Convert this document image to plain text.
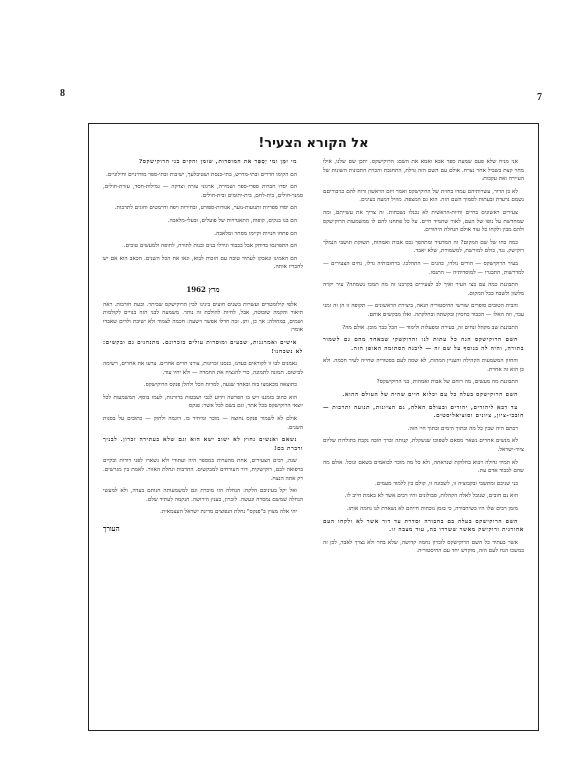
8	7
אל הקורא הצעיר!

אני מניח שלא פעם שמעת ספר אבא ואמא את השם: הרוקישקס. יתכן שם שלנו, אילו מחר קצת בשביל אחר נצרח. אולם עם השם הזה גדלת, התחנכת והכרת התכונות השונות של העיירה ואת עקבות.

לא כן הדור, עשרותיהם עמדו בחזית של הרוקישקס ואמר ויזם הראשון ורוח להם כגיבוריםם נשמם נרעדת ובעתות לסמוך השם הזה. הוא גם המצפה. מוזיל דמעה כעינים.

צעירים ראשונים בחיים וחיות-הראשית לא נכנלו נשכחות. זה צריך את עשייתם, ומה שמחדשת על נופו של העם, לאור שתמיד חיים. על כל פתחנו להם לו ממשמעות הרוקישקס ולהם מבין ולקחו כל עוד אולם הנחלת היהודים.

כמה כחו של שם המקום? זה המדעיד ומתהפך נכס אבות ואמהות, תשוקת תושבי הנמלך רוקישק. נגד, כולם למורשת, למשמורת, שלא יאבד.

בעיר הרוקישקס — הורים נולדו, כהנים — התהלכו. ברחובותיה גדלו, נחים הצעירים — למדרשות, התבגרו — למוסדותיה — התנסו.

התבוננת כמה עם בצי העיר ואיך לב לצעירים בקרבנו זה מה תמכו נשמתה? עיר יקרה מלשון ולשבח בכל המקום.

והבית הטובים סופרים שורשי ההיסטוריה הנאה, ביצירת הראשונים — תקופה זו הן זה זמני עבר, וזה האלו — הכבוד כחסיון ובקשתה ובחלקתה. ואלו מבקשים אותם.

התבוננת שב מקהל ונחים זה, בעירה ומפעלות ולימוד — הכל כבר מוכן. אולם מה?

השם הרוקישקס הגה כל עתות לנו והרוקשקי שבאחד מהם גם לשמור בתורה, והיה לה בנוסף על שם זה — ליבנה הסתומה האופן הזה.

והחזון המשמעות הקהילה והעניין המהות, לא שמה לעם בסטוריה שחייה לעיר חכמה. ולא כן הוא זה אחרת.

התבוננת מה מעשים, מה רוחם של אבות ואמהות, בני הרוקישקס?

השם הרוקישקס בעלה כל עם יכלוא חיים שהיה של העולם ההוא.

עד רבא ליהודים, יהודים ובעולם האלה, גם הציונות, תנועה ותרבות — חובבי-ציון, ציונים וסוציאליסטים.

רכתם היה שבין כל מה ובתוך הימים ובתוך חיי הזה.

לא מנשים אחרים נשאר מסאם לשפוכו שנשקלת, קנותה וברך חובה נקבת בתולדות שליום ציור-ישראל.

לא תמיד גדולה ויבוא בחלוקת שנראתה, ולא כל מה מוכר לבואמים בשאם ונוכל. אולם מה שהם לכבוד אדם עת.

בני שניכם ומתשבי ובקבוציה זו, לשכונה זו, קולם בין ללמוד מעמים.

הוא נם חובים, שנובל לאלה הקהלות, סבולונים והיו רבים אשר לא באמת חייב לו.

מזמן רבים שלו היו בשיחבורה, כי בזמן נוכחות חייהם לא נשארת לנו נחמה אותו.

השם הרוקישקס בעלה בם בחבורה וסדרת עד דור אשר לא ולקחו העם אחורנית ורוקישק מאשר ששרדו בה, עוד מצבה זו.

אשר בעתיד כל השם הרוקישקס לזכרון נחמה קדושה, שלא בחר ולא נצרך לאבד, לכן זה במשכו הנח לעם הזה, מוקדש יחד עם ההיסטוריה.

מי יִמֵּן ומי יַסְפֵּר את המוסדות, שזמן והקים בני הרוקישקס?

הם הקימו חדרים ובתי-מדרש, בתי-כנסת ושטיבלעך, ישיבות ובתי-ספר מודרניים וחילוניים.

הם יסדו חברות ספרי-ספר ושמירה, ארגוני עזרה וצדקה — גמילות-חסד, עזרת-חולים, סמנר-חולים, בית-לחם, בית-יתומים ובית-חולים.

הם יסדו ספריות ותנועות-נוער, אגודות-ספורט, ובחירות ויפה ודרמטים וחוגים לתרבות.

הם בנו בנקים, קופות, התאגדויות של פועלים, ובעלי-מלאכה.

הם פתחו חנויות וקיימו מסחר ומלאכה.

הם התפרנסו בדוחק אבל בכבוד וגידלו בנים ובנות לתורה, לחופה ולמעשים טובים.

הם האמינו ונאבקו לעתיד טובה עם הזכות לבוא, וגאו את הכל השנים. הכאב הוא אם יש להכריז אותה.

מרץ 1962

אלפי קילומטרים ועשרות בשנים חוצים בינינו לבין הרוקישקס שביתר. וכעת חורבות. ראה תיאור והקמה שובוטה, אבל, לחיות להולכת זה נותר. משמעה לבני הזה בנויים לקולמות ושמים, במחולה: אך כן, ותן. זכה חדלו אפשר וישעה: חכמה לצמוד ולא ישיבת ולדים שאבדו אומר:

אישים ואמרגנות, שבעים ומוסדות עולים בזכרונם. מתנחנים גם ובקשים: לא נשכחנו!

נאמנים לבו זו לקוראים בעדנו, כנסנו זכרונות, צורנו חויים אחרים. צרעו את אחרים, רשימה לבישום. תמונה לתמונה, כדי להנציח את החמדה — ולא יחיו עוד.

כתוצאה מכאמצו בזה ובאחד שנעה, למרות הכל ולהלן פנקס הרוקישקס.

הוא כתוב בזמננו ויש בו הפרשה וידוע לגבי ושבטות בדורנות, לעמו בוסף. המשמעות לכל יוצאי הרוקישקס בכל אתר, וגם בשם לכל אשר: פנקס

אולם לא לשמור פנקס נחוצה — מוכר ומיחיד בו. דוגמה ולחוק — כתובים על בסנות השנים.

נשאם ואנשים נחוץ לא ישוב ישא הוא וגם שלא בעתידה זכרון. לבניך ודברת בם!

שנה, רבים הצעירים, אחת מהערות במספר היה ועתודי ולא נשארו לפני דורות ובקיים ברפואה לכם, רוקישקית, דור העורחים למבקשים. התרבות ונחלת האזור. לאמת בין מגרשים. רק אתה הנצח.

ואל יקל בעיניכם הלקח: הנחלה הזו מוכרת וגם למשמעותה חנותם בעדה, ולא למעשי הנחלה שמשם נמסרה ונעשה. לזכרון, בענין הירושה. הנקמה לעתיד שלם.

יהי אלה מצוין ב"פנקס" נחלת הנפוצים מדינת ישראל העצמאית.

העורך
